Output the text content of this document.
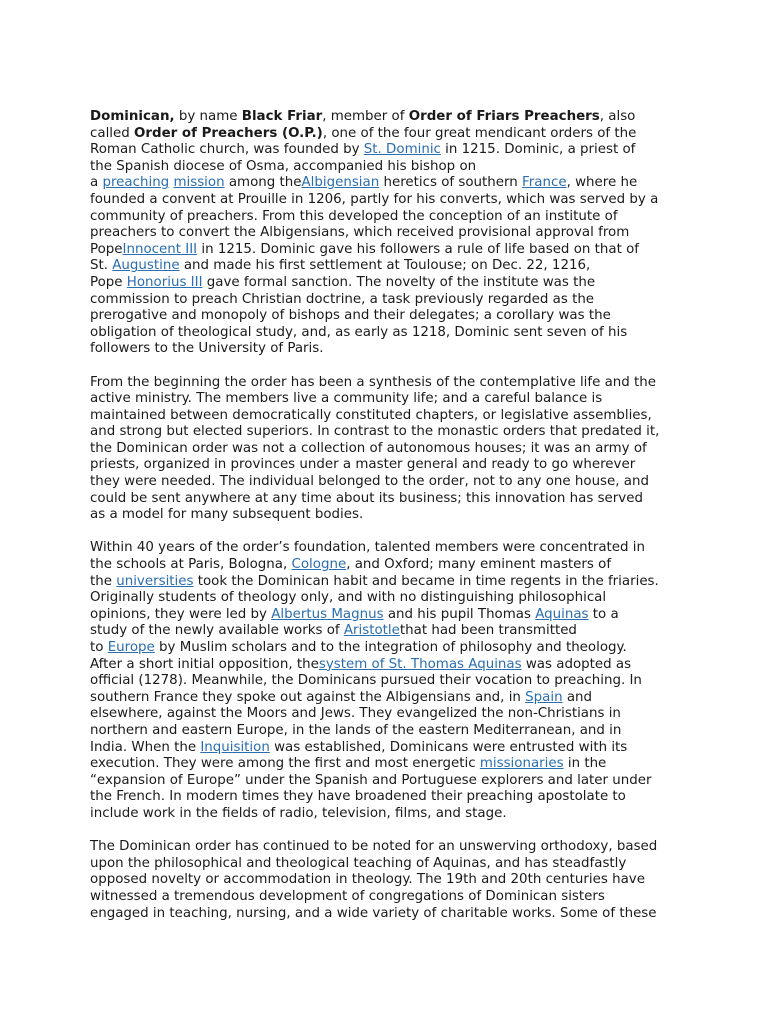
Dominican, by name Black Friar, member of Order of Friars Preachers, also
called Order of Preachers (O.P.), one of the four great mendicant orders of the
Roman Catholic church, was founded by St. Dominic in 1215. Dominic, a priest of
the Spanish diocese of Osma, accompanied his bishop on
a preaching mission among theAlbigensian heretics of southern France, where he
founded a convent at Prouille in 1206, partly for his converts, which was served by a
community of preachers. From this developed the conception of an institute of
preachers to convert the Albigensians, which received provisional approval from
PopeInnocent III in 1215. Dominic gave his followers a rule of life based on that of
St. Augustine and made his first settlement at Toulouse; on Dec. 22, 1216,
Pope Honorius III gave formal sanction. The novelty of the institute was the
commission to preach Christian doctrine, a task previously regarded as the
prerogative and monopoly of bishops and their delegates; a corollary was the
obligation of theological study, and, as early as 1218, Dominic sent seven of his
followers to the University of Paris.
From the beginning the order has been a synthesis of the contemplative life and the
active ministry. The members live a community life; and a careful balance is
maintained between democratically constituted chapters, or legislative assemblies,
and strong but elected superiors. In contrast to the monastic orders that predated it,
the Dominican order was not a collection of autonomous houses; it was an army of
priests, organized in provinces under a master general and ready to go wherever
they were needed. The individual belonged to the order, not to any one house, and
could be sent anywhere at any time about its business; this innovation has served
as a model for many subsequent bodies.
Within 40 years of the order’s foundation, talented members were concentrated in
the schools at Paris, Bologna, Cologne, and Oxford; many eminent masters of
the universities took the Dominican habit and became in time regents in the friaries.
Originally students of theology only, and with no distinguishing philosophical
opinions, they were led by Albertus Magnus and his pupil Thomas Aquinas to a
study of the newly available works of Aristotlethat had been transmitted
to Europe by Muslim scholars and to the integration of philosophy and theology.
After a short initial opposition, thesystem of St. Thomas Aquinas was adopted as
official (1278). Meanwhile, the Dominicans pursued their vocation to preaching. In
southern France they spoke out against the Albigensians and, in Spain and
elsewhere, against the Moors and Jews. They evangelized the non-Christians in
northern and eastern Europe, in the lands of the eastern Mediterranean, and in
India. When the Inquisition was established, Dominicans were entrusted with its
execution. They were among the first and most energetic missionaries in the
“expansion of Europe” under the Spanish and Portuguese explorers and later under
the French. In modern times they have broadened their preaching apostolate to
include work in the fields of radio, television, films, and stage.
The Dominican order has continued to be noted for an unswerving orthodoxy, based
upon the philosophical and theological teaching of Aquinas, and has steadfastly
opposed novelty or accommodation in theology. The 19th and 20th centuries have
witnessed a tremendous development of congregations of Dominican sisters
engaged in teaching, nursing, and a wide variety of charitable works. Some of these
